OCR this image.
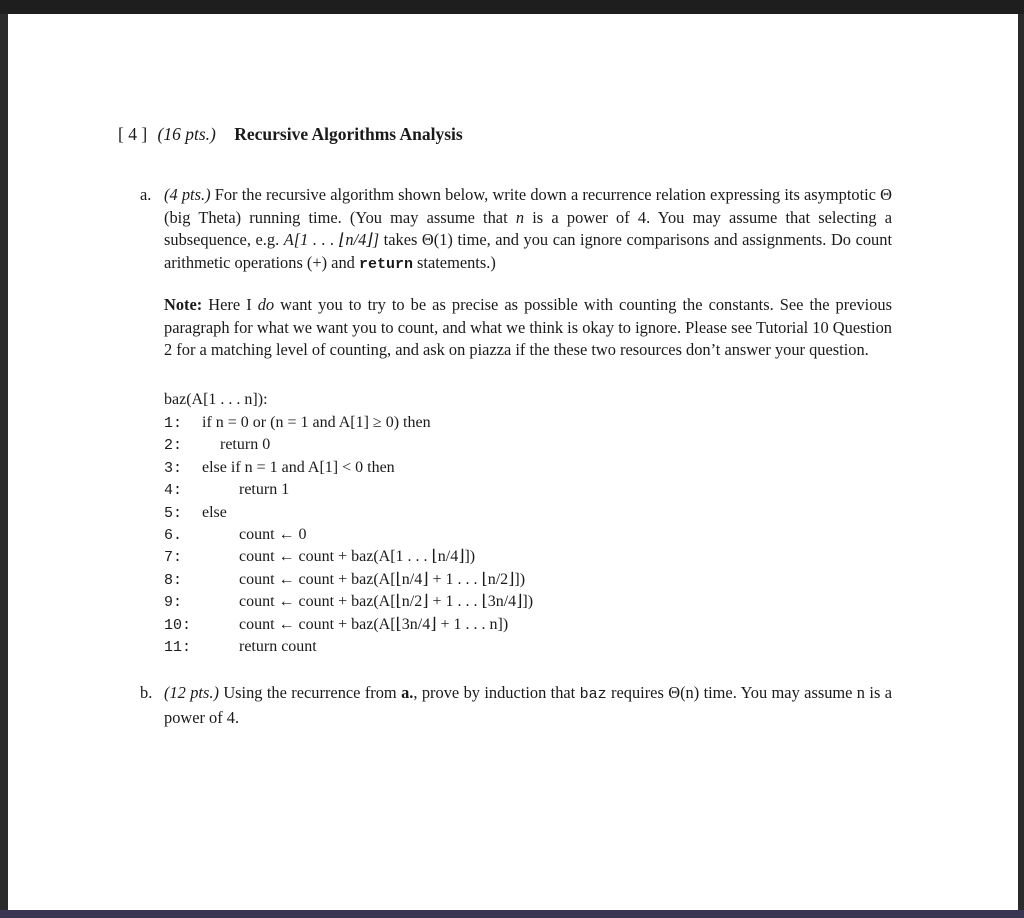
[ 4 ] (16 pts.) Recursive Algorithms Analysis
a. (4 pts.) For the recursive algorithm shown below, write down a recurrence relation expressing its asymptotic Θ (big Theta) running time. (You may assume that n is a power of 4. You may assume that selecting a subsequence, e.g. A[1 . . . ⌊n/4⌋] takes Θ(1) time, and you can ignore comparisons and assignments. Do count arithmetic operations (+) and return statements.)
Note: Here I do want you to try to be as precise as possible with counting the constants. See the previous paragraph for what we want you to count, and what we think is okay to ignore. Please see Tutorial 10 Question 2 for a matching level of counting, and ask on piazza if the these two resources don’t answer your question.
baz(A[1 . . . n]):
1: if n = 0 or (n = 1 and A[1] ≥ 0) then
2: return 0
3: else if n = 1 and A[1] < 0 then
4:	return 1
5: else
6.	count ← 0
7:	count ← count + baz(A[1 . . . ⌊n/4⌋])
8:	count ← count + baz(A[⌊n/4⌋ + 1 . . . ⌊n/2⌋])
9:	count ← count + baz(A[⌊n/2⌋ + 1 . . . ⌊3n/4⌋])
10:	count ← count + baz(A[⌊3n/4⌋ + 1 . . . n])
11:	return count
b. (12 pts.) Using the recurrence from a., prove by induction that baz requires Θ(n) time. You may assume n is a power of 4.
